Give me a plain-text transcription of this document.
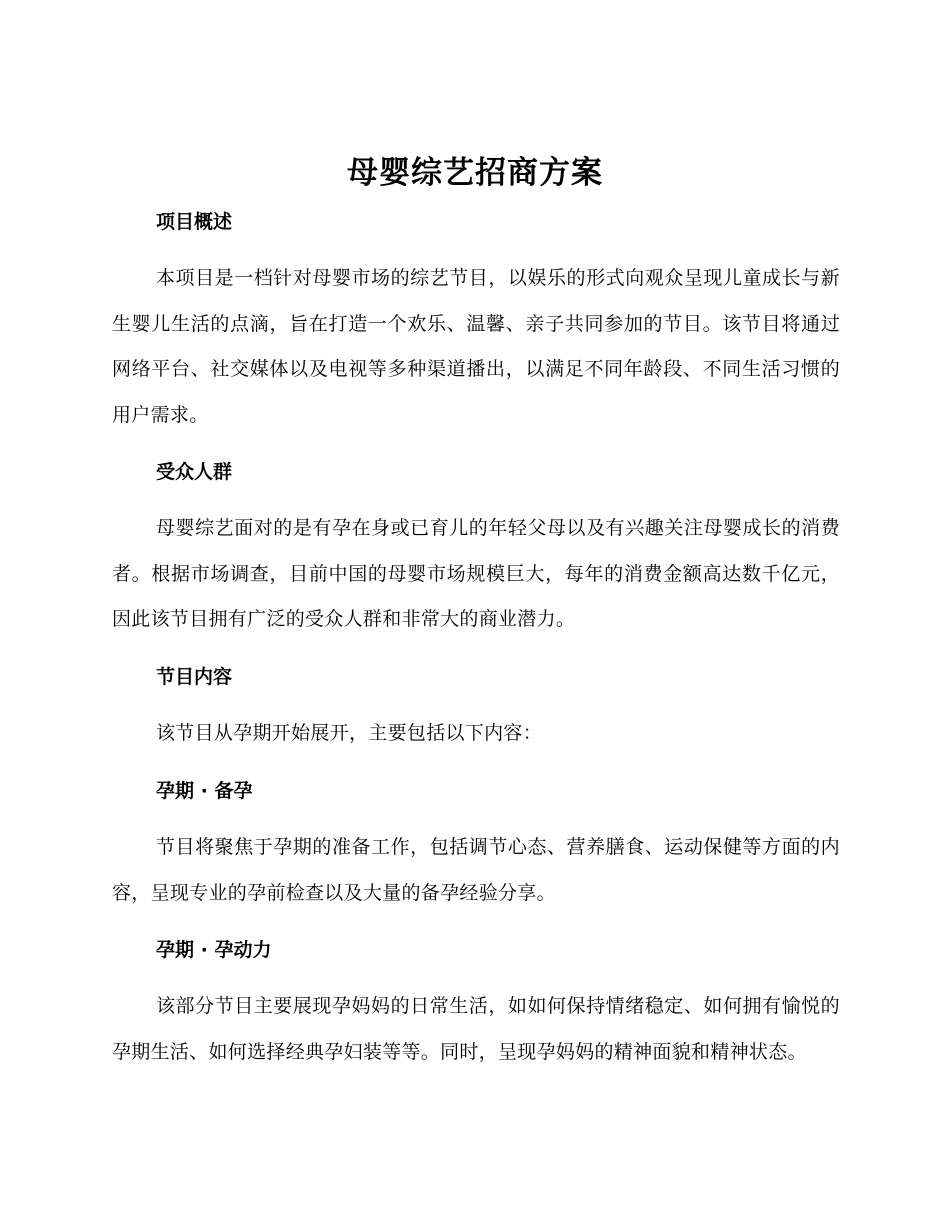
母婴综艺招商方案
项目概述
本项目是一档针对母婴市场的综艺节目，以娱乐的形式向观众呈现儿童成长与新生婴儿生活的点滴，旨在打造一个欢乐、温馨、亲子共同参加的节目。该节目将通过网络平台、社交媒体以及电视等多种渠道播出，以满足不同年龄段、不同生活习惯的用户需求。
受众人群
母婴综艺面对的是有孕在身或已育儿的年轻父母以及有兴趣关注母婴成长的消费者。根据市场调查，目前中国的母婴市场规模巨大，每年的消费金额高达数千亿元，因此该节目拥有广泛的受众人群和非常大的商业潜力。
节目内容
该节目从孕期开始展开，主要包括以下内容：
孕期 · 备孕
节目将聚焦于孕期的准备工作，包括调节心态、营养膳食、运动保健等方面的内容，呈现专业的孕前检查以及大量的备孕经验分享。
孕期 · 孕动力
该部分节目主要展现孕妈妈的日常生活，如如何保持情绪稳定、如何拥有愉悦的孕期生活、如何选择经典孕妇装等等。同时，呈现孕妈妈的精神面貌和精神状态。
